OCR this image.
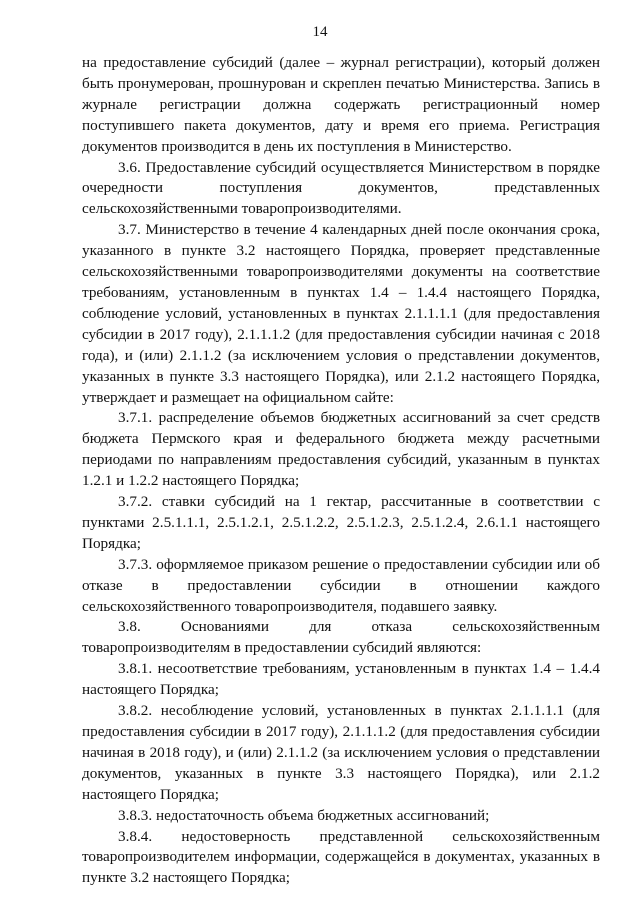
14

на предоставление субсидий (далее – журнал регистрации), который должен быть пронумерован, прошнурован и скреплен печатью Министерства. Запись в журнале регистрации должна содержать регистрационный номер поступившего пакета документов, дату и время его приема. Регистрация документов производится в день их поступления в Министерство.

3.6. Предоставление субсидий осуществляется Министерством в порядке очередности поступления документов, представленных сельскохозяйственными товаропроизводителями.

3.7. Министерство в течение 4 календарных дней после окончания срока, указанного в пункте 3.2 настоящего Порядка, проверяет представленные сельскохозяйственными товаропроизводителями документы на соответствие требованиям, установленным в пунктах 1.4 – 1.4.4 настоящего Порядка, соблюдение условий, установленных в пунктах 2.1.1.1.1 (для предоставления субсидии в 2017 году), 2.1.1.1.2 (для предоставления субсидии начиная с 2018 года), и (или) 2.1.1.2 (за исключением условия о представлении документов, указанных в пункте 3.3 настоящего Порядка), или 2.1.2 настоящего Порядка, утверждает и размещает на официальном сайте:

3.7.1. распределение объемов бюджетных ассигнований за счет средств бюджета Пермского края и федерального бюджета между расчетными периодами по направлениям предоставления субсидий, указанным в пунктах 1.2.1 и 1.2.2 настоящего Порядка;

3.7.2. ставки субсидий на 1 гектар, рассчитанные в соответствии с пунктами 2.5.1.1.1, 2.5.1.2.1, 2.5.1.2.2, 2.5.1.2.3, 2.5.1.2.4, 2.6.1.1 настоящего Порядка;

3.7.3. оформляемое приказом решение о предоставлении субсидии или об отказе в предоставлении субсидии в отношении каждого сельскохозяйственного товаропроизводителя, подавшего заявку.

3.8. Основаниями для отказа сельскохозяйственным товаропроизводителям в предоставлении субсидий являются:

3.8.1. несоответствие требованиям, установленным в пунктах 1.4 – 1.4.4 настоящего Порядка;

3.8.2. несоблюдение условий, установленных в пунктах 2.1.1.1.1 (для предоставления субсидии в 2017 году), 2.1.1.1.2 (для предоставления субсидии начиная в 2018 году), и (или) 2.1.1.2 (за исключением условия о представлении документов, указанных в пункте 3.3 настоящего Порядка), или 2.1.2 настоящего Порядка;

3.8.3. недостаточность объема бюджетных ассигнований;

3.8.4. недостоверность представленной сельскохозяйственным товаропроизводителем информации, содержащейся в документах, указанных в пункте 3.2 настоящего Порядка;
